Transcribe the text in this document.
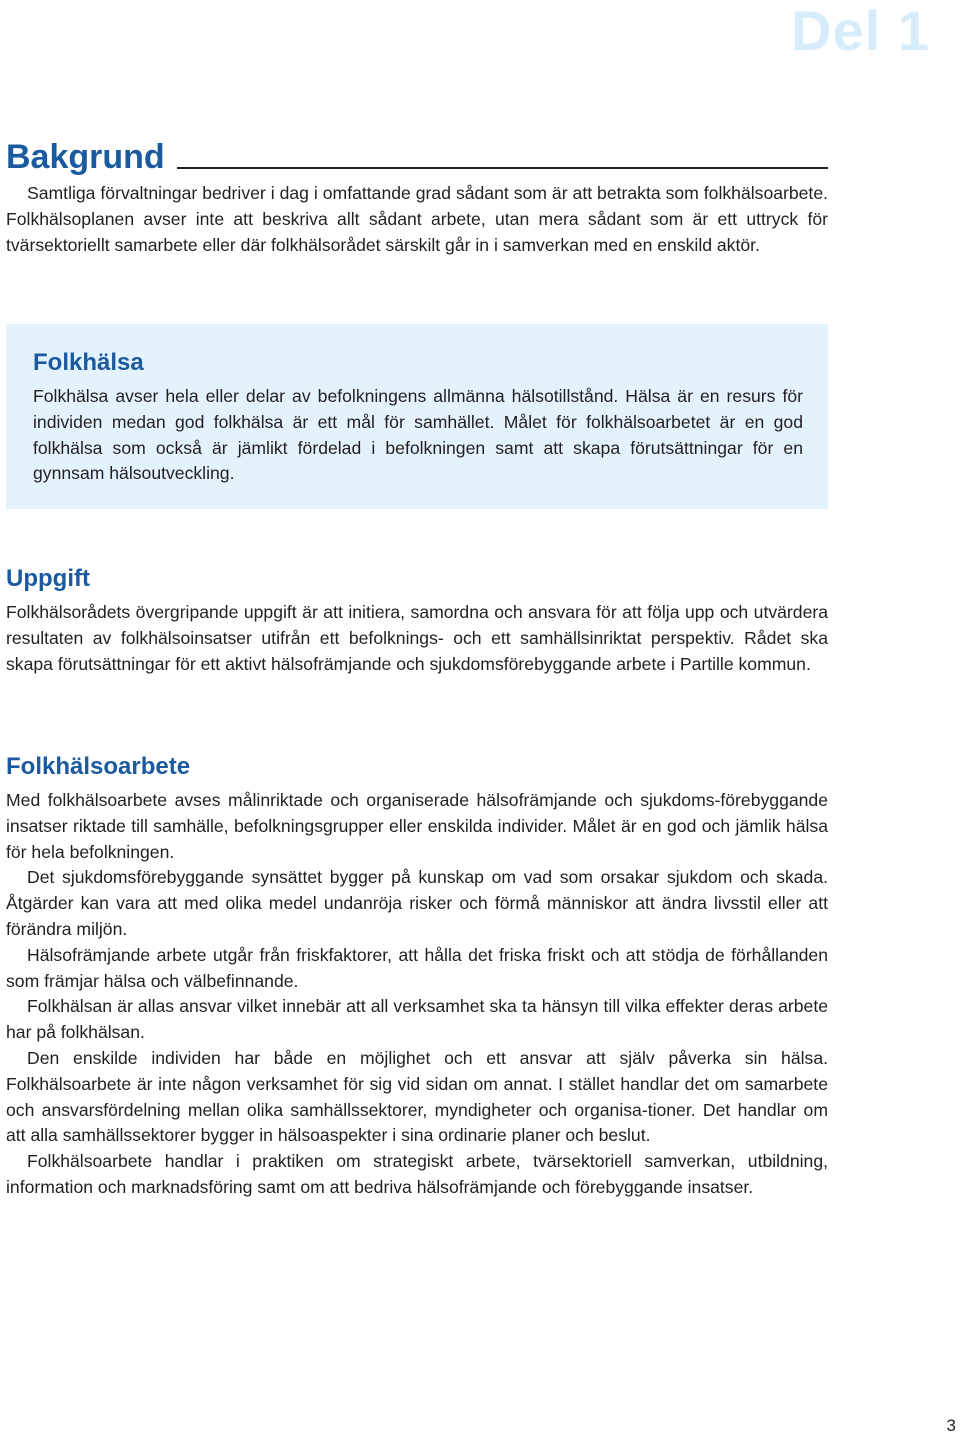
Del 1

Bakgrund

Samtliga förvaltningar bedriver i dag i omfattande grad sådant som är att betrakta som folkhälsoarbete. Folkhälsoplanen avser inte att beskriva allt sådant arbete, utan mera sådant som är ett uttryck för tvärsektoriellt samarbete eller där folkhälsorådet särskilt går in i samverkan med en enskild aktör.

Folkhälsa

Folkhälsa avser hela eller delar av befolkningens allmänna hälsotillstånd. Hälsa är en resurs för individen medan god folkhälsa är ett mål för samhället. Målet för folkhälsoarbetet är en god folkhälsa som också är jämlikt fördelad i befolkningen samt att skapa förutsättningar för en gynnsam hälsoutveckling.

Uppgift

Folkhälsorådets övergripande uppgift är att initiera, samordna och ansvara för att följa upp och utvärdera resultaten av folkhälsoinsatser utifrån ett befolknings- och ett samhällsinriktat perspektiv. Rådet ska skapa förutsättningar för ett aktivt hälsofrämjande och sjukdomsförebyggande arbete i Partille kommun.

Folkhälsoarbete

Med folkhälsoarbete avses målinriktade och organiserade hälsofrämjande och sjukdoms-förebyggande insatser riktade till samhälle, befolkningsgrupper eller enskilda individer. Målet är en god och jämlik hälsa för hela befolkningen.

Det sjukdomsförebyggande synsättet bygger på kunskap om vad som orsakar sjukdom och skada. Åtgärder kan vara att med olika medel undanröja risker och förmå människor att ändra livsstil eller att förändra miljön.

Hälsofrämjande arbete utgår från friskfaktorer, att hålla det friska friskt och att stödja de förhållanden som främjar hälsa och välbefinnande.

Folkhälsan är allas ansvar vilket innebär att all verksamhet ska ta hänsyn till vilka effekter deras arbete har på folkhälsan.

Den enskilde individen har både en möjlighet och ett ansvar att själv påverka sin hälsa. Folkhälsoarbete är inte någon verksamhet för sig vid sidan om annat. I stället handlar det om samarbete och ansvarsfördelning mellan olika samhällssektorer, myndigheter och organisa-tioner. Det handlar om att alla samhällssektorer bygger in hälsoaspekter i sina ordinarie planer och beslut.

Folkhälsoarbete handlar i praktiken om strategiskt arbete, tvärsektoriell samverkan, utbildning, information och marknadsföring samt om att bedriva hälsofrämjande och förebyggande insatser.

3
